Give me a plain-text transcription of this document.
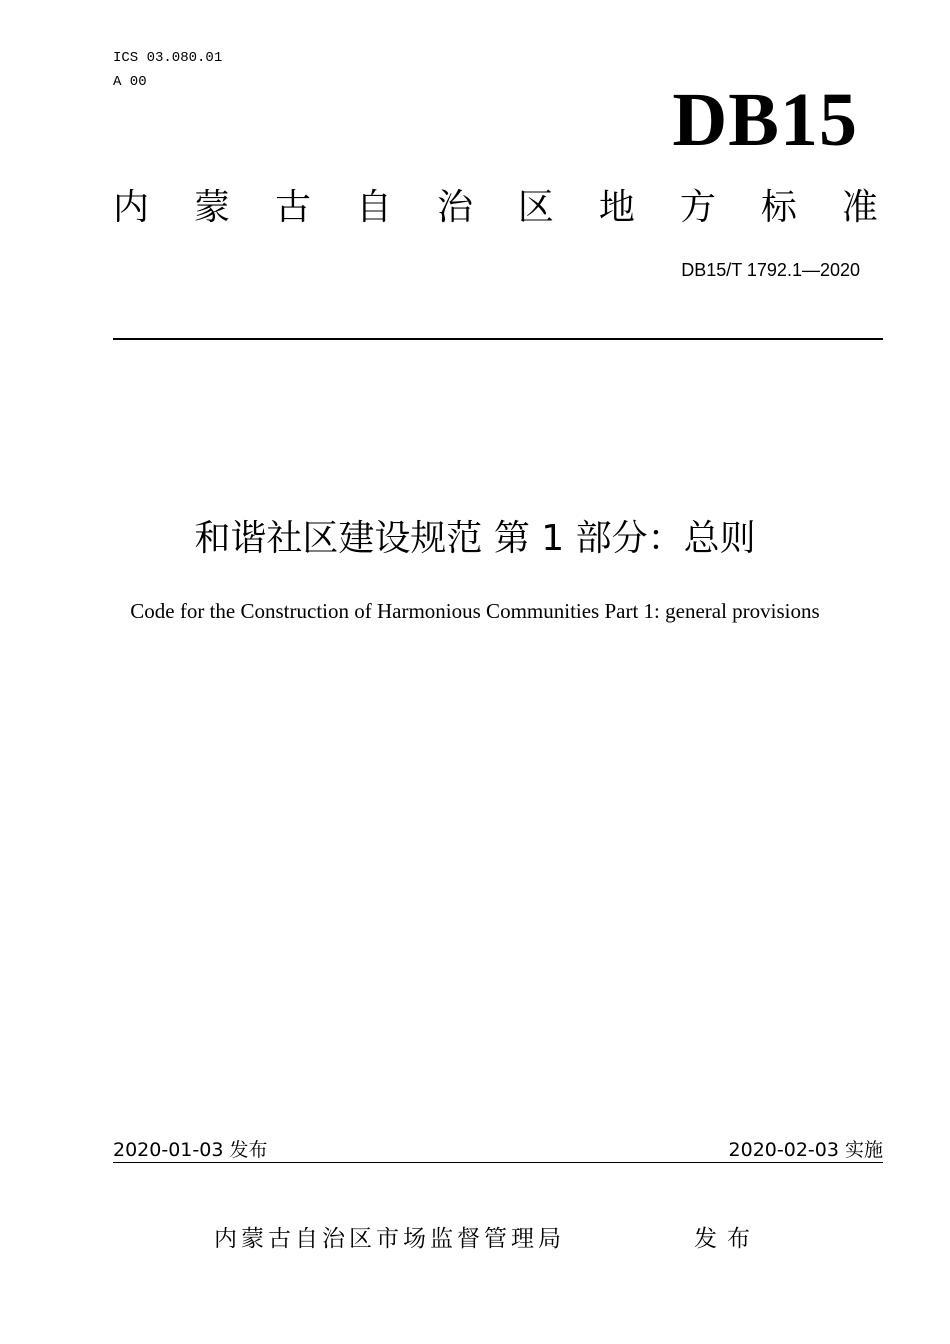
ICS 03.080.01
A 00	DB15
内 蒙 古 自 治 区 地 方 标 准
DB15/T 1792.1—2020
和谐社区建设规范 第 1 部分：总则
Code for the Construction of Harmonious Communities Part 1: general provisions
2020-01-03 发布	2020-02-03 实施
内蒙古自治区市场监督管理局	发布
